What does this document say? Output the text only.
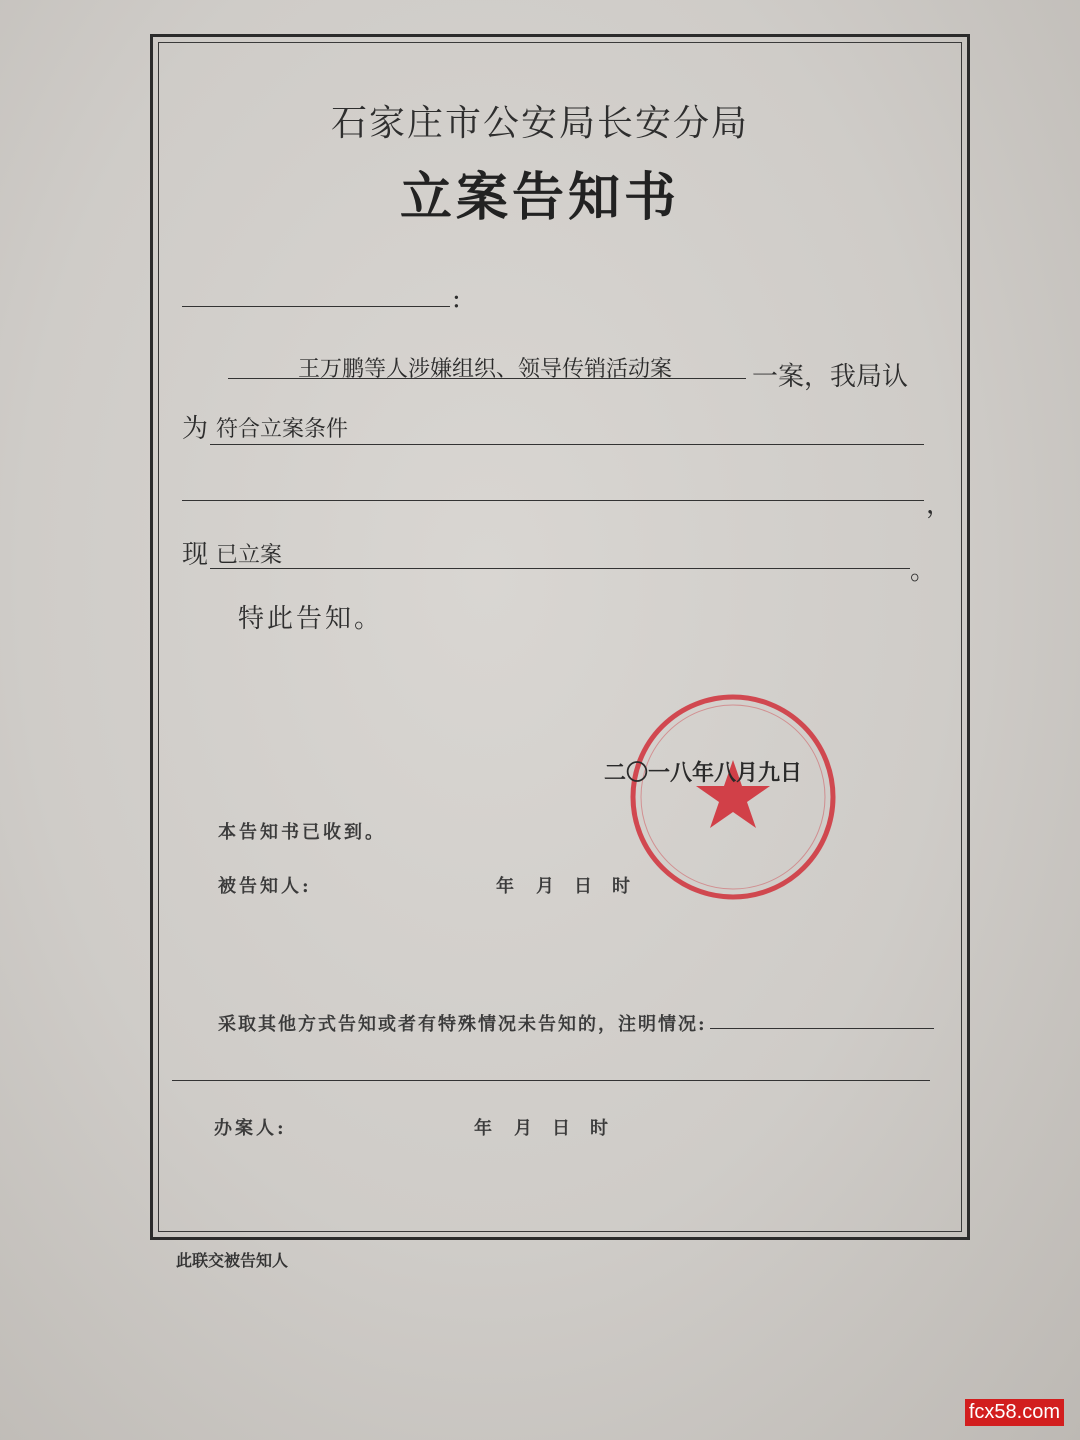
石家庄市公安局长安分局
立案告知书
:
王万鹏等人涉嫌组织、领导传销活动案	一案，我局认
为 符合立案条件
，
现 已立案
。
特此告知。
二〇一八年八月九日
本告知书已收到。
被告知人:	年 月 日 时
采取其他方式告知或者有特殊情况未告知的，注明情况:
办案人:	年 月 日 时
此联交被告知人
fcx58.com
